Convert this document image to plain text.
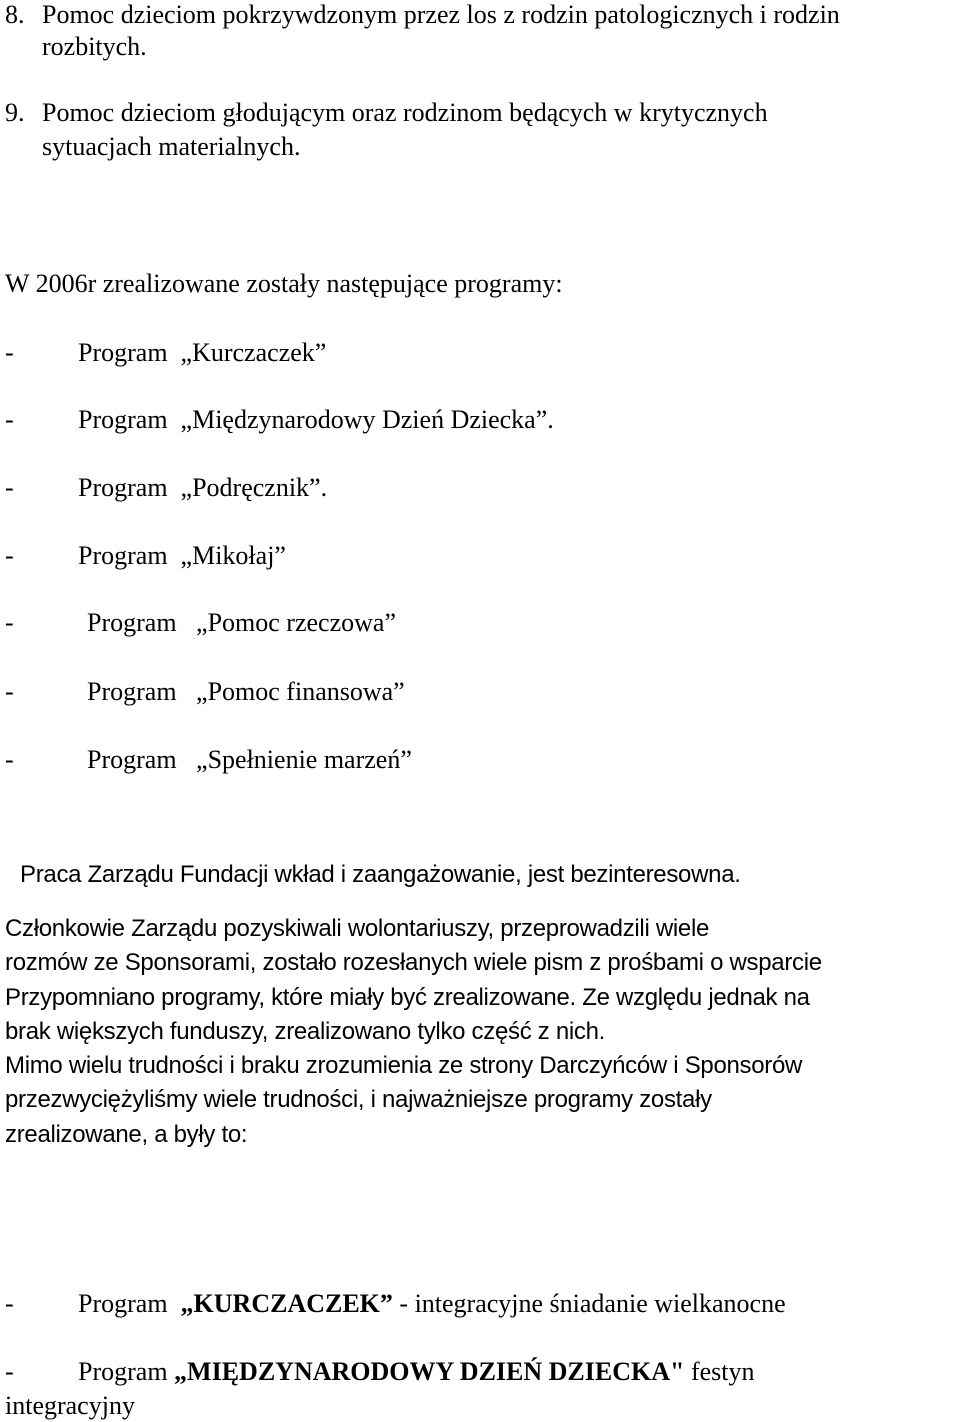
8. Pomoc dzieciom pokrzywdzonym przez los z rodzin patologicznych i rodzin
rozbitych.
9. Pomoc dzieciom głodującym oraz rodzinom będących w krytycznych
sytuacjach materialnych.
W 2006r zrealizowane zostały następujące programy:
- Program „Kurczaczek”
- Program „Międzynarodowy Dzień Dziecka”.
- Program „Podręcznik”.
- Program „Mikołaj”
-	Program „Pomoc rzeczowa”
-	Program „Pomoc finansowa”
-	Program „Spełnienie marzeń”
Praca Zarządu Fundacji wkład i zaangażowanie, jest bezinteresowna.
Członkowie Zarządu pozyskiwali wolontariuszy, przeprowadzili wiele
rozmów ze Sponsorami, zostało rozesłanych wiele pism z prośbami o wsparcie
Przypomniano programy, które miały być zrealizowane. Ze względu jednak na
brak większych funduszy, zrealizowano tylko część z nich.
Mimo wielu trudności i braku zrozumienia ze strony Darczyńców i Sponsorów
przezwyciężyliśmy wiele trudności, i najważniejsze programy zostały
zrealizowane, a były to:
- Program „KURCZACZEK” - integracyjne śniadanie wielkanocne
- Program „MIĘDZYNARODOWY DZIEŃ DZIECKA" festyn
integracyjny
